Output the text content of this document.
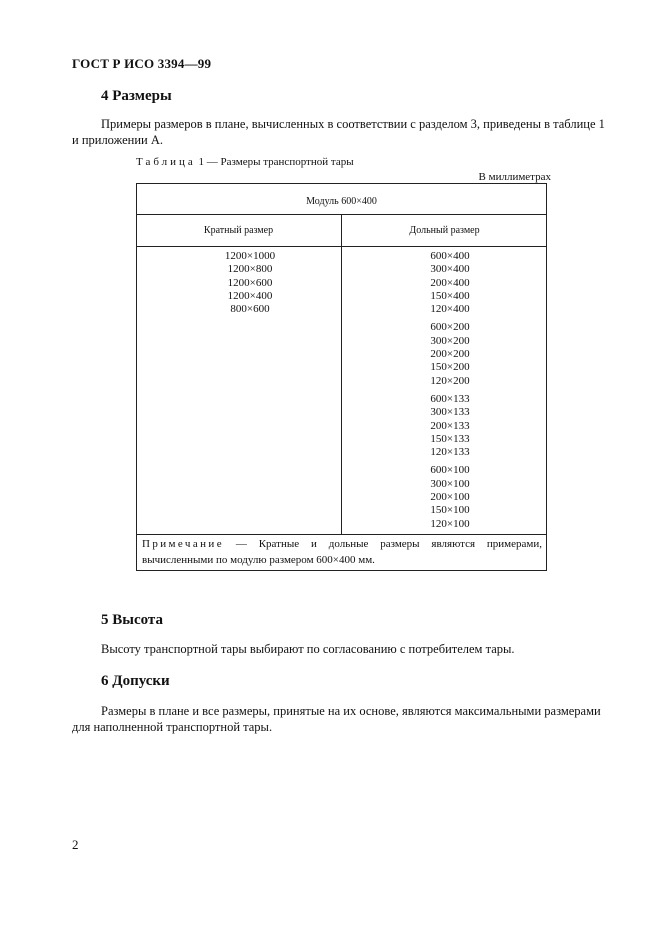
ГОСТ Р ИСО 3394—99
4 Размеры
Примеры размеров в плане, вычисленных в соответствии с разделом 3, приведены в таблице 1
и приложении А.
Таблица 1 — Размеры транспортной тары
В миллиметрах
Модуль 600×400
Кратный размер	Дольный размер
1200×1000
1200×800
1200×600
1200×400
800×600
600×400
300×400
200×400
150×400
120×400
600×200
300×200
200×200
150×200
120×200
600×133
300×133
200×133
150×133
120×133
600×100
300×100
200×100
150×100
120×100
Примечание — Кратные и дольные размеры являются примерами,
вычисленными по модулю размером 600×400 мм.
5 Высота
Высоту транспортной тары выбирают по согласованию с потребителем тары.
6 Допуски
Размеры в плане и все размеры, принятые на их основе, являются максимальными размерами
для наполненной транспортной тары.
2
